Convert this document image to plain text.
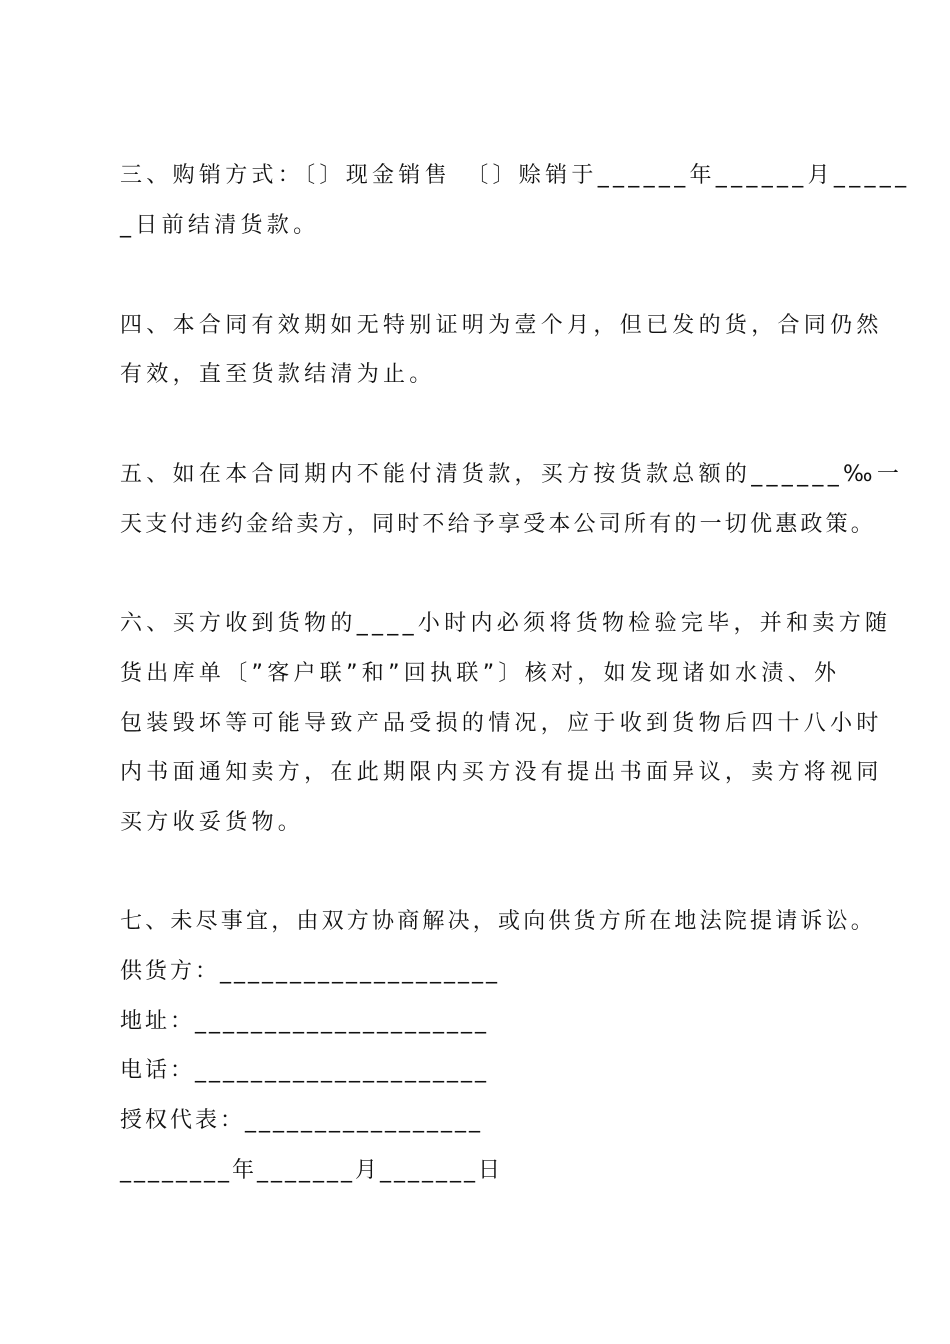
三、购销方式：〔〕现金销售　〔〕赊销于______年______月_____
_日前结清货款。
四、本合同有效期如无特别证明为壹个月，但已发的货，合同仍然
有效，直至货款结清为止。
五、如在本合同期内不能付清货款，买方按货款总额的______‰一
天支付违约金给卖方，同时不给予享受本公司所有的一切优惠政策。
六、买方收到货物的____小时内必须将货物检验完毕，并和卖方随
货出库单〔”客户联”和”回执联”〕核对，如发现诸如水渍、外
包装毁坏等可能导致产品受损的情况，应于收到货物后四十八小时
内书面通知卖方，在此期限内买方没有提出书面异议，卖方将视同
买方收妥货物。
七、未尽事宜，由双方协商解决，或向供货方所在地法院提请诉讼。
供货方：____________________
地址：_____________________
电话：_____________________
授权代表：_________________
________年_______月_______日
